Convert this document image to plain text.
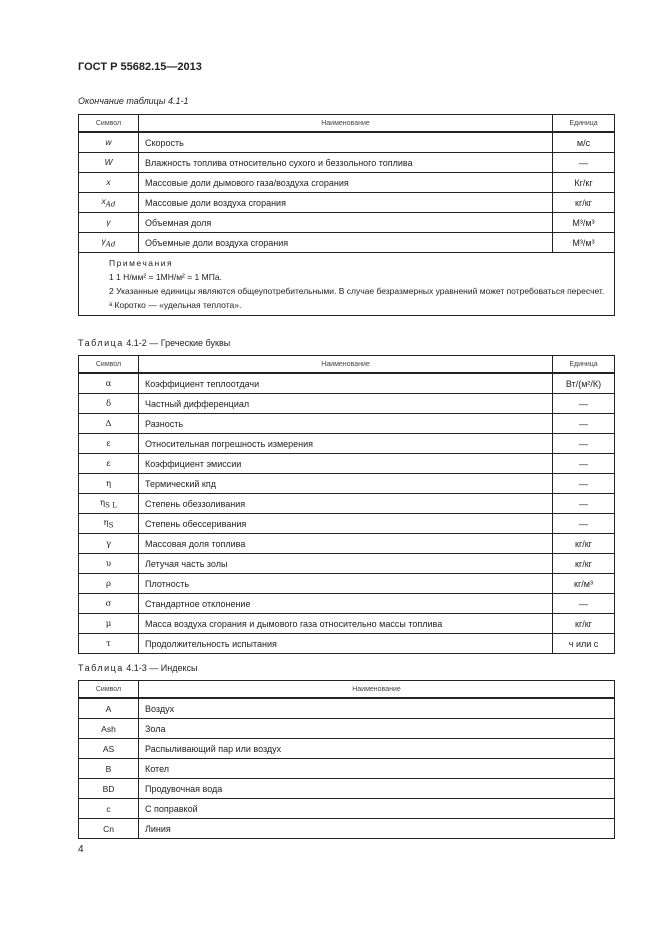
ГОСТ Р 55682.15—2013
Окончание таблицы 4.1-1
Символ	Наименование	Единица
w	Скорость	м/с
W	Влажность топлива относительно сухого и беззольного топлива	—
x	Массовые доли дымового газа/воздуха сгорания	Кг/кг
$x_{Ad}$	Массовые доли воздуха сгорания	кг/кг
γ	Объемная доля	М³/м³
$\gamma_{Ad}$	Объемные доли воздуха сгорания	М³/м³

Примечания
1 1 Н/мм² = 1МН/м² = 1 МПа.
2 Указанные единицы являются общеупотребительными. В случае безразмерных уравнений может потребоваться пересчет.
ᵃ Коротко — «удельная теплота».		
Таблица 4.1-2 — Греческие буквы
Символ	Наименование	Единица
α	Коэффициент теплоотдачи	Вт/(м²/К)
δ	Частный дифференциал	—
Δ	Разность	—
ε	Относительная погрешность измерения	—
ε	Коэффициент эмиссии	—
η	Термический кпд	—
$\eta_{S L}$	Степень обеззоливания	—
$\eta_S$	Степень обессеривания	—
γ	Массовая доля топлива	кг/кг
υ	Летучая часть золы	кг/кг
ρ	Плотность	кг/м³
σ	Стандартное отклонение	—
μ	Масса воздуха сгорания и дымового газа относительно массы топлива	кг/кг
τ	Продолжительность испытания	ч или с
Таблица 4.1-3 — Индексы
Символ	Наименование
A	Воздух
Ash	Зола
AS	Распыливающий пар или воздух
B	Котел
BD	Продувочная вода
c	С поправкой
Cn	Линия
4
